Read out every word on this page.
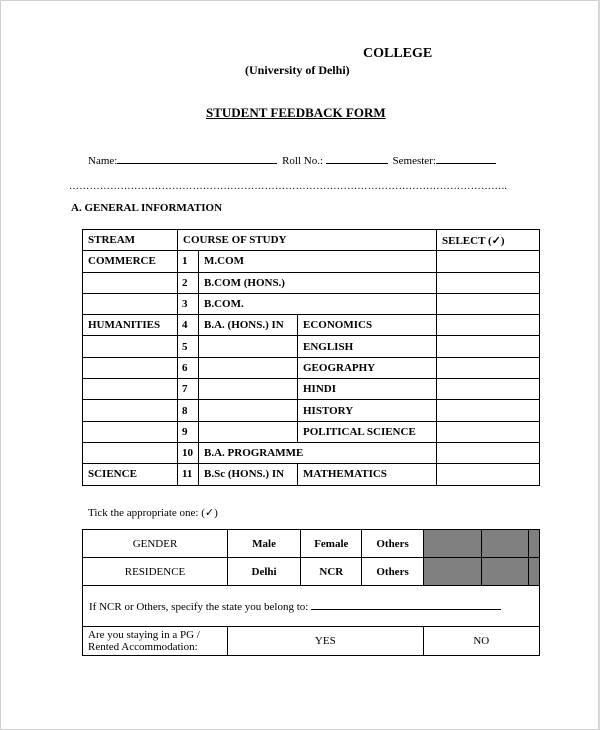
COLLEGE
(University of Delhi)
STUDENT FEEDBACK FORM
Name:	Roll No.:	Semester:
………………………………………………………………………………………………………………..
A. GENERAL INFORMATION
STREAM	COURSE OF STUDY			SELECT (✓)
COMMERCE	1	M.COM		
	2	B.COM (HONS.)		
	3	B.COM.		
HUMANITIES	4	B.A. (HONS.) IN	ECONOMICS	
	5		ENGLISH	
	6		GEOGRAPHY	
	7		HINDI	
	8		HISTORY	
	9		POLITICAL SCIENCE	
	10	B.A. PROGRAMME		
SCIENCE	11	B.Sc (HONS.) IN	MATHEMATICS	
Tick the appropriate one: (✓)
GENDER	Male	Female	Others			
RESIDENCE	Delhi	NCR	Others			
If NCR or Others, specify the state you belong to:						

Are you staying in a PG /
Rented Accommodation:	YES			NO		
